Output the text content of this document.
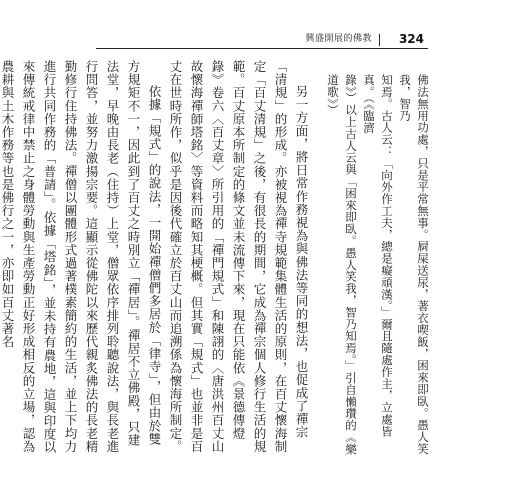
興盛開展的佛教 324
佛法無用功處，只是平常無事。屙屎送尿，著衣喫飯，困來即臥。愚人笑我，智乃
知焉。古人云：「向外作工夫，總是癡頑漢。」爾且隨處作主，立處皆真。（《臨濟
錄》）以上古人云與「困來即臥。愚人笑我，智乃知焉。」引自懶瓚的《樂道歌》）

另一方面，將日常作務視為與佛法等同的想法，也促成了禪宗「清規」的形成。亦被視為禪寺規範集體生活的原則，在百丈懷海制定「百丈清規」之後，有很長的期間，它成為禪宗個人修行生活的規範。百丈原本所制定的條文並未流傳下來，現在只能依《景德傳燈錄》卷六〈百丈章〉所引用的「禪門規式」和陳詡的〈唐洪州百丈山故懷海禪師塔銘〉等資料而略知其梗概。但其實「規式」也並非是百丈在世時所作，似乎是因後代確立於百丈山而追溯係為懷海所制定。

依據「規式」的說法，一開始禪僧們多居於「律寺」，但由於雙方規矩不一，因此到了百丈之時別立「禪居」。禪居不立佛殿，只建法堂，早晚由長老（住持）上堂，僧眾依序排列聆聽說法，與長老進行問答，並努力激揚宗要。這顯示從佛陀以來歷代親炙佛法的長老精勤修行住持佛法。禪僧以團體形式過著樸素簡約的生活，並上下均力進行共同作務的「普請」。依據「塔銘」，並未持有農地，這與印度以來傳統戒律中禁止之身體勞動與生產勞動正好形成相反的立場，認為農耕與土木作務等也是佛行之一，亦即如百丈著名
